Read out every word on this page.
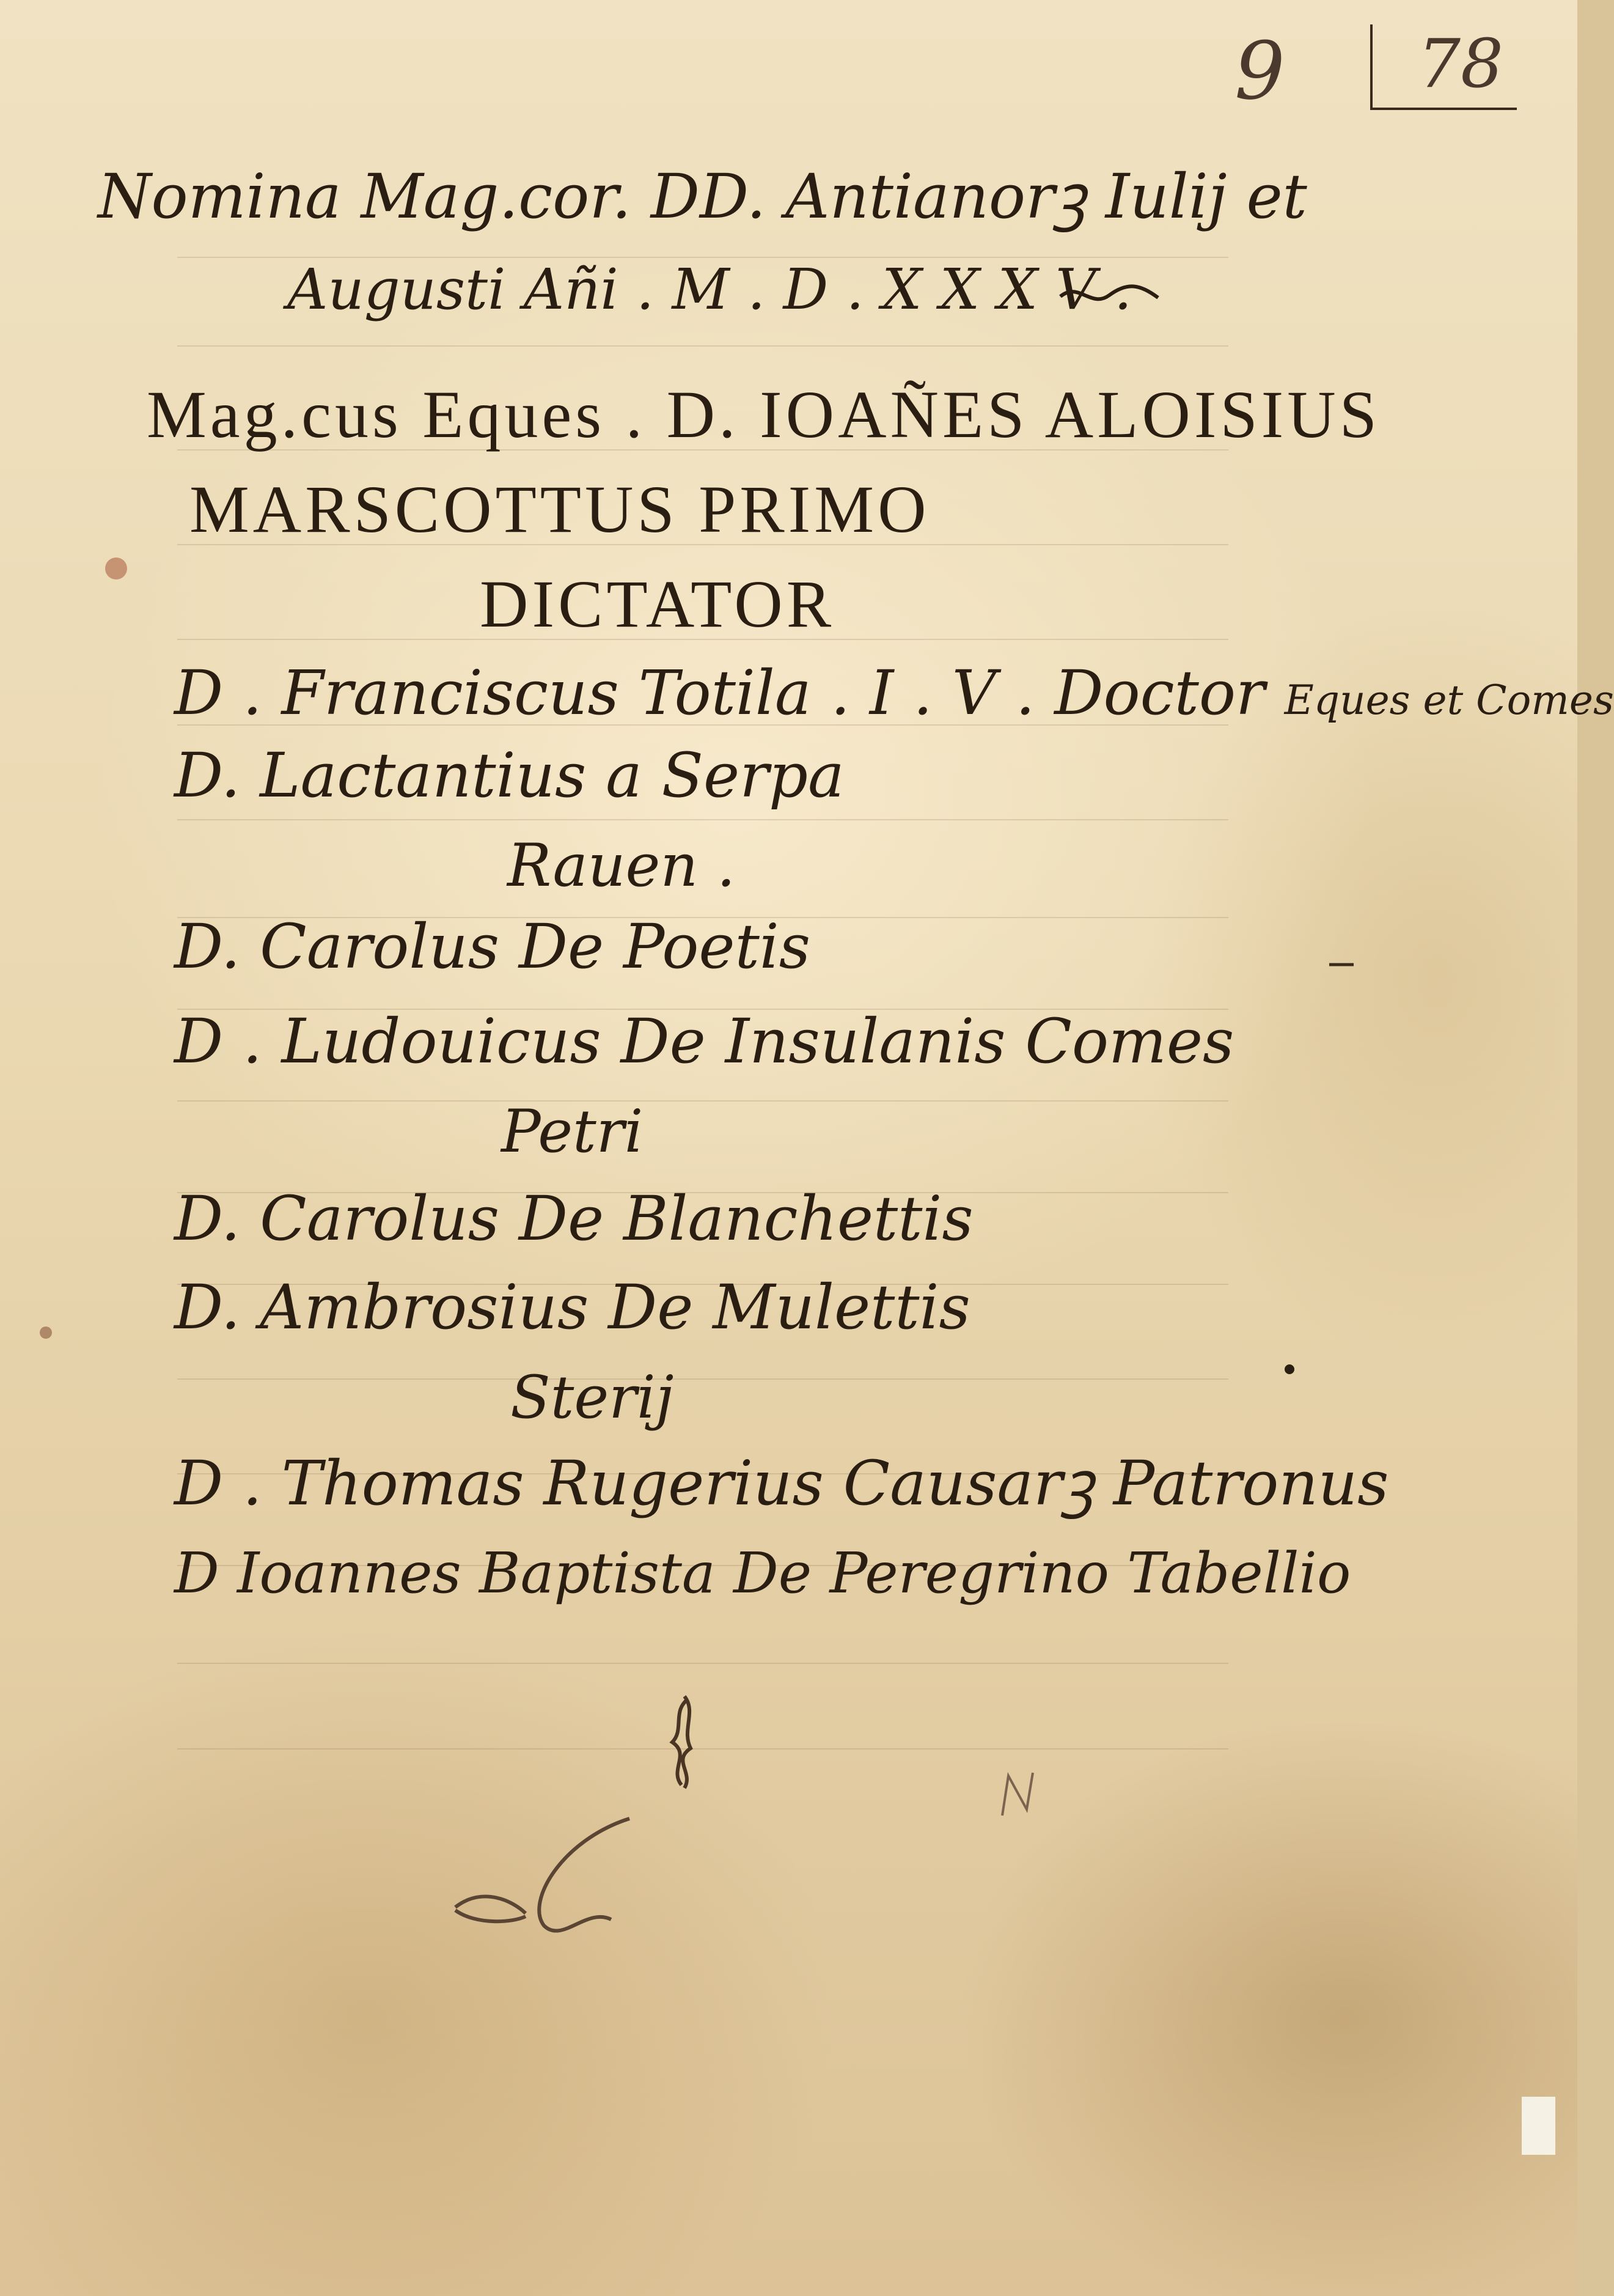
9 78
Nomina Mag.cor. DD. Antianorꝫ Iulij et
Augusti Añi . M . D . X X X V .
Mag.cus Eques . D. IOAÑES ALOISIUS
MARSCOTTUS PRIMO
DICTATOR
D . Franciscus Totila . I . V . Doctor Eques et Comes
D. Lactantius a Serpa
Rauen .
D. Carolus De Poetis
D . Ludouicus De Insulanis Comes
Petri
D. Carolus De Blanchettis
D. Ambrosius De Mulettis
Sterij
D . Thomas Rugerius Causarꝫ Patronus
D Ioannes Baptista De Peregrino Tabellio
